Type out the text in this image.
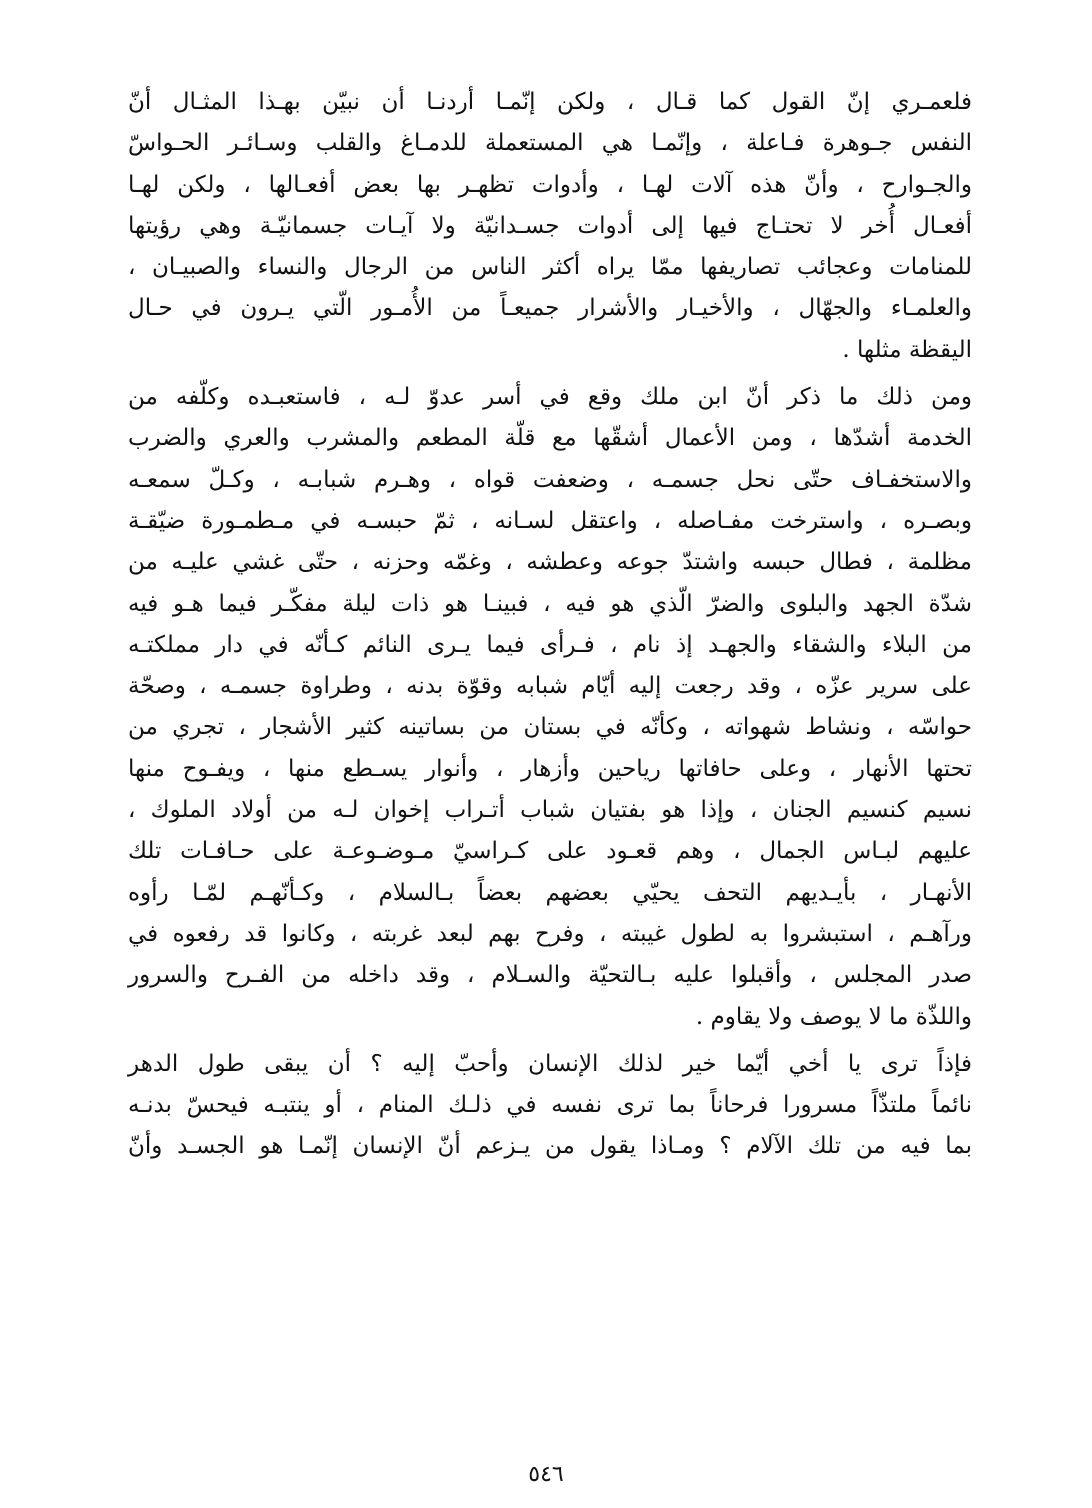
فلعمـري إنّ القول كما قـال ، ولكن إنّمـا أردنـا أن نبيّن بهـذا المثـال أنّ
النفس جـوهرة فـاعلة ، وإنّمـا هي المستعملة للدمـاغ والقلب وسـائـر الحـواسّ
والجـوارح ، وأنّ هذه آلات لهـا ، وأدوات تظهـر بها بعض أفعـالها ، ولكن لهـا
أفعـال أُخر لا تحتـاج فيها إلى أدوات جسـدانيّة ولا آيـات جسمانيّـة وهي رؤيتها
للمنامات وعجائب تصاريفها ممّا يراه أكثر الناس من الرجال والنساء والصبيـان ،
والعلمـاء والجهّال ، والأخيـار والأشرار جميعـاً من الأُمـور الّتي يـرون في حـال
اليقظة مثلها .
ومن ذلك ما ذكر أنّ ابن ملك وقع في أسر عدوّ لـه ، فاستعبـده وكلّفه من
الخدمة أشدّها ، ومن الأعمال أشقّها مع قلّة المطعم والمشرب والعري والضرب
والاستخفـاف حتّى نحل جسمـه ، وضعفت قواه ، وهـرم شبابـه ، وكـلّ سمعـه
وبصـره ، واسترخت مفـاصله ، واعتقل لسـانه ، ثمّ حبسـه في مـطمـورة ضيّقـة
مظلمة ، فطال حبسه واشتدّ جوعه وعطشه ، وغمّه وحزنه ، حتّى غشي عليـه من
شدّة الجهد والبلوى والضرّ الّذي هو فيه ، فبينـا هو ذات ليلة مفكّـر فيما هـو فيه
من البلاء والشقاء والجهـد إذ نام ، فـرأى فيما يـرى النائم كـأنّه في دار مملكتـه
على سرير عزّه ، وقد رجعت إليه أيّام شبابه وقوّة بدنه ، وطراوة جسمـه ، وصحّة
حواسّه ، ونشاط شهواته ، وكأنّه في بستان من بساتينه كثير الأشجار ، تجري من
تحتها الأنهار ، وعلى حافاتها رياحين وأزهار ، وأنوار يسـطع منها ، ويفـوح منها
نسيم كنسيم الجنان ، وإذا هو بفتيان شباب أتـراب إخوان لـه من أولاد الملوك ،
عليهم لبـاس الجمال ، وهم قعـود على كـراسيّ مـوضـوعـة على حـافـات تلك
الأنهـار ، بأيـديهم التحف يحيّي بعضهم بعضاً بـالسلام ، وكـأنّهـم لمّـا رأوه
ورآهـم ، استبشروا به لطول غيبته ، وفرح بهم لبعد غربته ، وكانوا قد رفعوه في
صدر المجلس ، وأقبلوا عليه بـالتحيّة والسـلام ، وقد داخله من الفـرح والسرور
واللذّة ما لا يوصف ولا يقاوم .
فإذاً ترى يا أخي أيّما خير لذلك الإنسان وأحبّ إليه ؟ أن يبقى طول الدهر
نائماً ملتذّاً مسرورا فرحاناً بما ترى نفسه في ذلـك المنام ، أو ينتبـه فيحسّ بدنـه
بما فيه من تلك الآلام ؟ ومـاذا يقول من يـزعم أنّ الإنسان إنّمـا هو الجسـد وأنّ
٥٤٦
